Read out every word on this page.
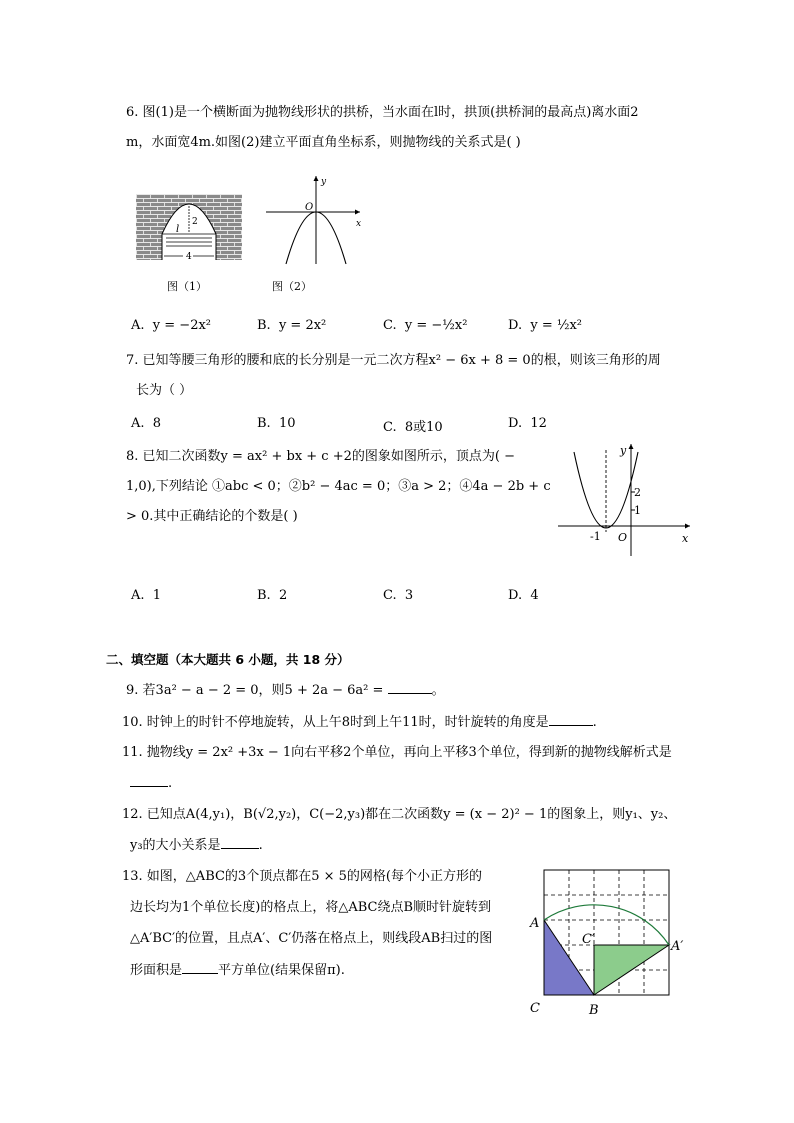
6. 图(1)是一个横断面为抛物线形状的拱桥，当水面在l时，拱顶(拱桥洞的最高点)离水面2
m，水面宽4m.如图(2)建立平面直角坐标系，则抛物线的关系式是( )
2
l
4
图（1）
y
x
O
图（2）
A. y = −2x²	B. y = 2x²	C. y = −½x²	D. y = ½x²
7. 已知等腰三角形的腰和底的长分别是一元二次方程x² − 6x + 8 = 0的根，则该三角形的周
长为（ ）
A. 8	B. 10	C. 8或10	D. 12
8. 已知二次函数y = ax² + bx + c +2的图象如图所示，顶点为( −
1,0),下列结论 ①abc < 0；②b² − 4ac = 0；③a > 2；④4a − 2b + c
> 0.其中正确结论的个数是( )
2
1
-1 O
y
x
A. 1	B. 2	C. 3	D. 4
二、填空题（本大题共 6 小题，共 18 分）
9. 若3a² − a − 2 = 0，则5 + 2a − 6a² =	。
10. 时钟上的时针不停地旋转，从上午8时到上午11时，时针旋转的角度是	.
11. 抛物线y = 2x² +3x − 1向右平移2个单位，再向上平移3个单位，得到新的抛物线解析式是
.
12. 已知点A(4,y₁)，B(√2,y₂)，C(−2,y₃)都在二次函数y = (x − 2)² − 1的图象上，则y₁、y₂、
y₃的大小关系是	.
13. 如图，△ABC的3个顶点都在5 × 5的网格(每个小正方形的
边长均为1个单位长度)的格点上，将△ABC绕点B顺时针旋转到
△A′BC′的位置，且点A′、C′仍落在格点上，则线段AB扫过的图
形面积是	平方单位(结果保留π).
A
C	B
A′
C′
